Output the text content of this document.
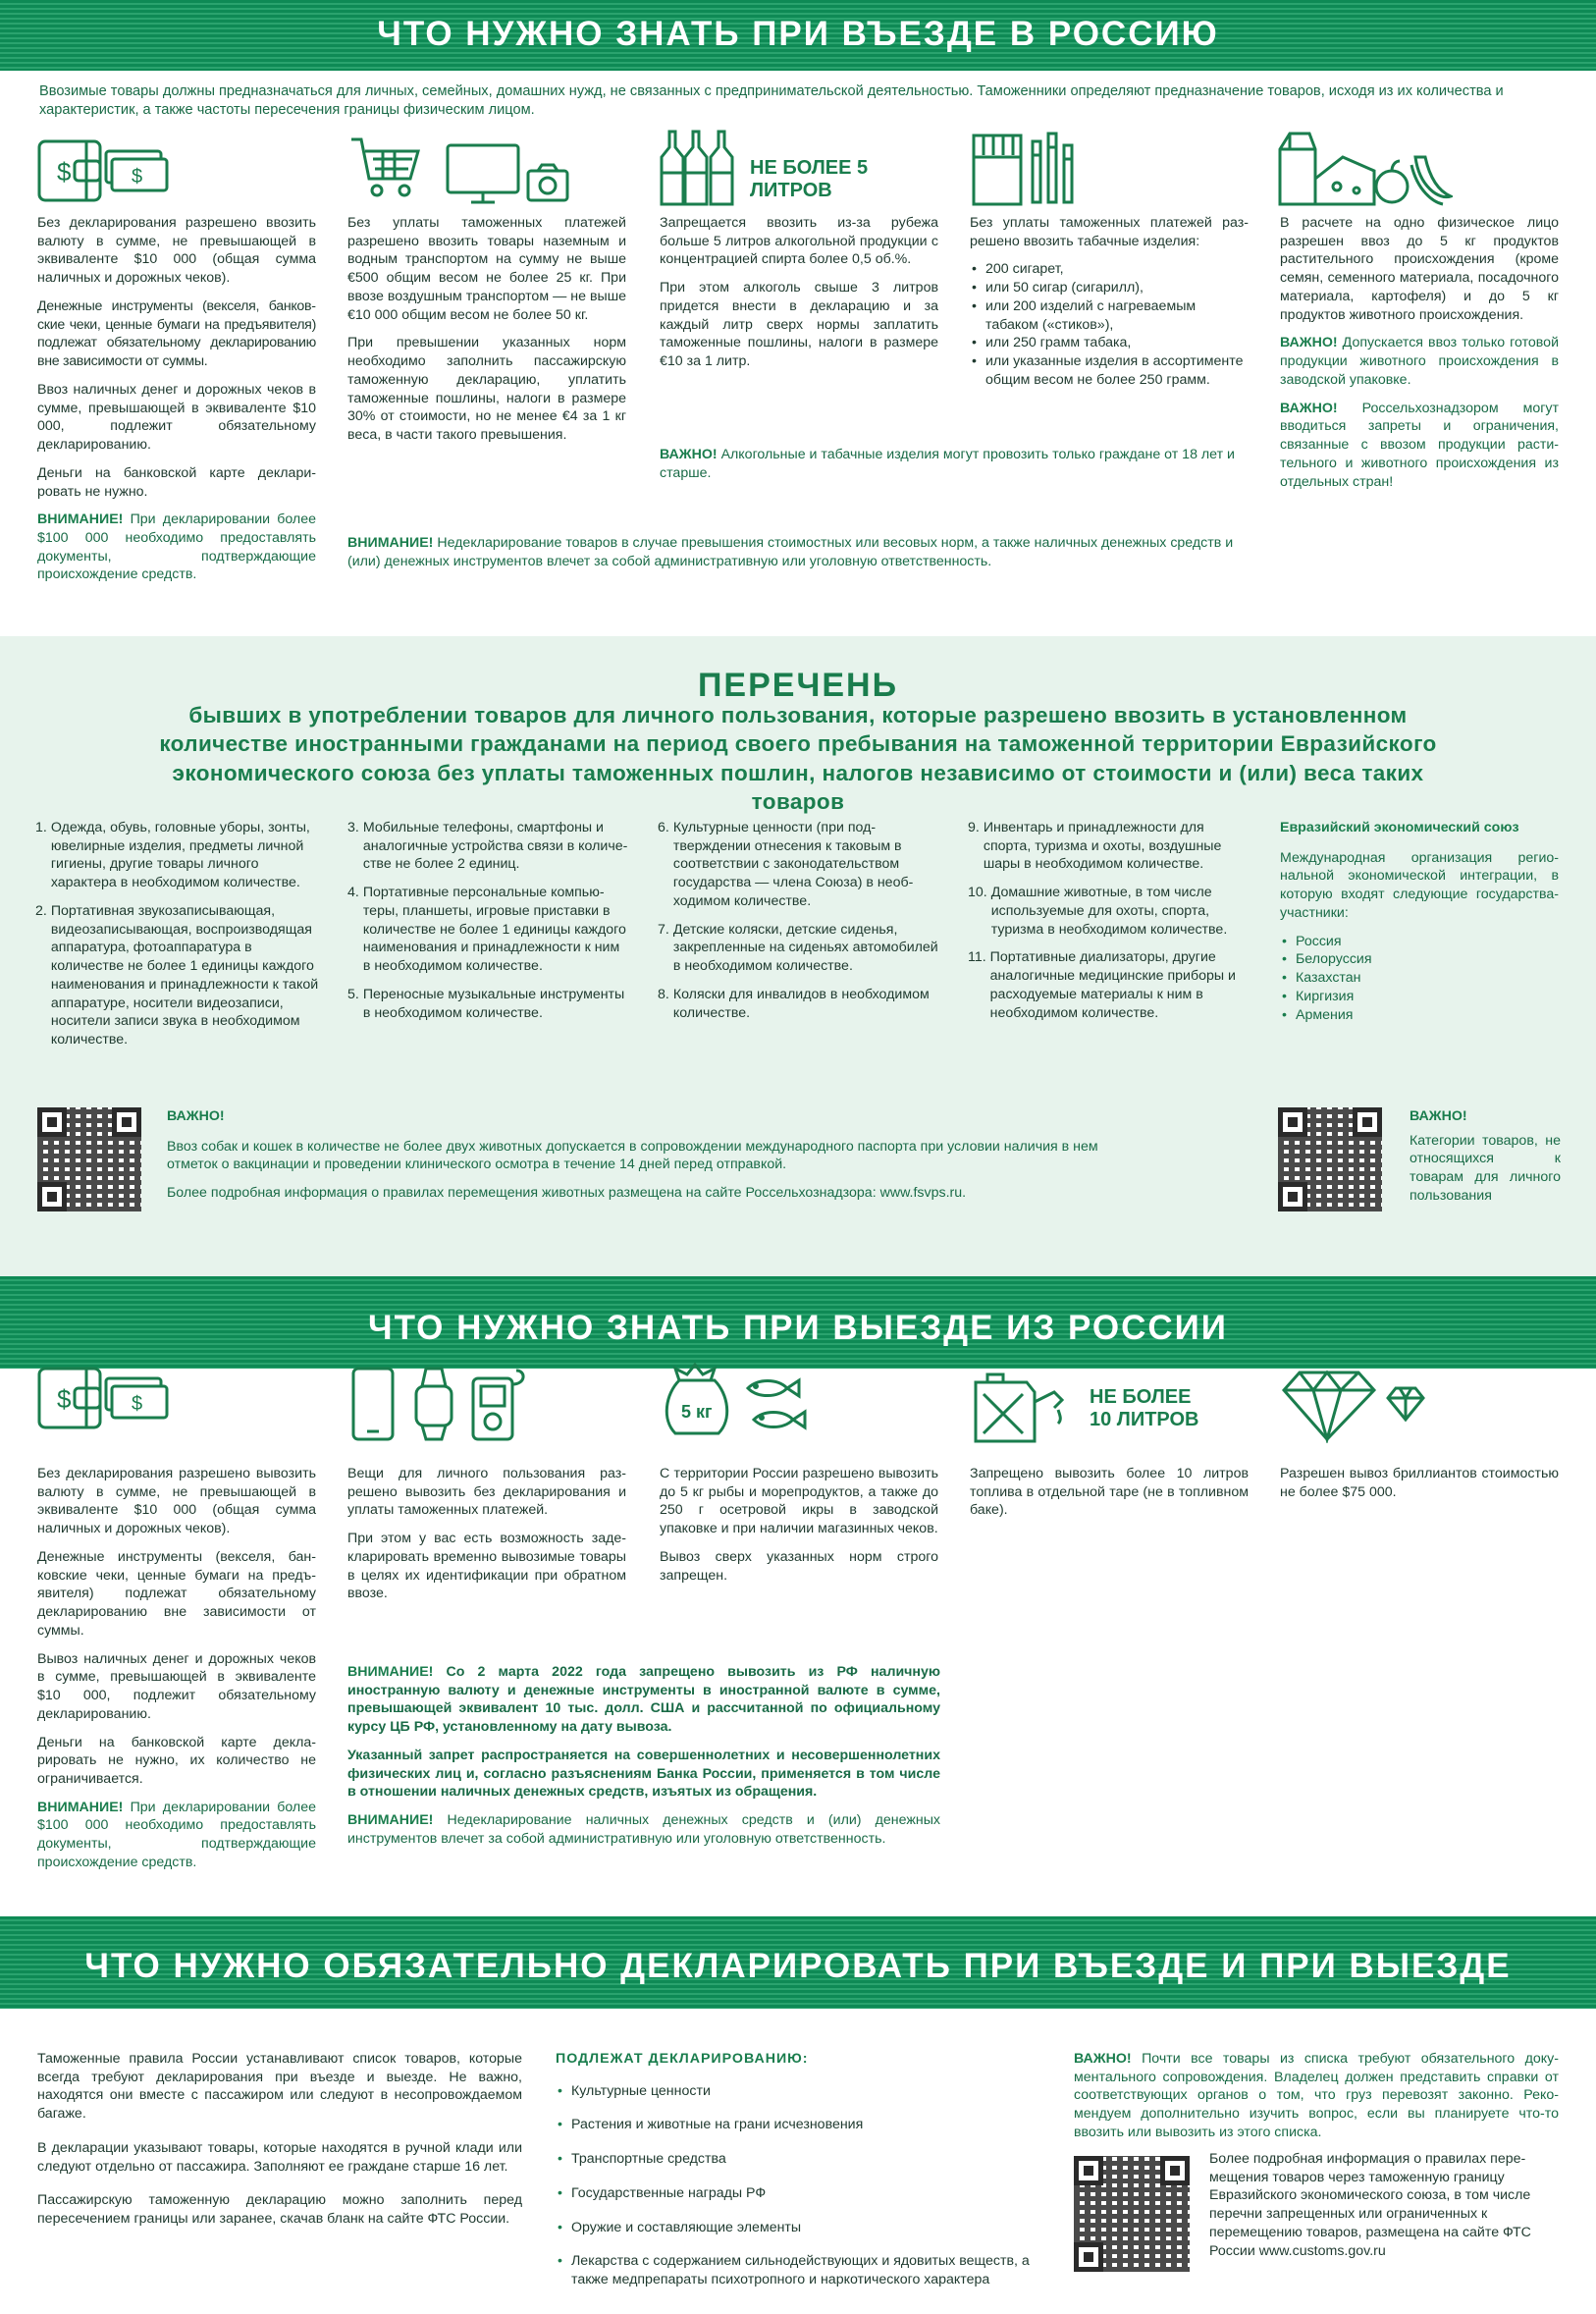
ЧТО НУЖНО ЗНАТЬ ПРИ ВЪЕЗДЕ В РОССИЮ
Ввозимые товары должны предназначаться для личных, семейных, домашних нужд, не связанных с предпринимательской деятельностью. Таможенники определяют предназначение товаров, исходя из их количества и характеристик, а также частоты пересечения границы физическим лицом.
$	$	НЕ БОЛЕЕ 5 ЛИТРОВ

Без декларирования разрешено ввозить валюту в сумме, не превышающей в эквиваленте $10 000 (общая сумма наличных и дорожных чеков).

Денежные инструменты (векселя, банковские чеки, ценные бумаги на предъявителя) подлежат обязательному декларированию вне зависимости от суммы.

Ввоз наличных денег и дорожных чеков в сумме, превышающей в эквиваленте $10 000, подлежит обязательному декларированию.

Деньги на банковской карте декларировать не нужно.

ВНИМАНИЕ! При декларировании более $100 000 необходимо предоставлять документы, подтверждающие происхождение средств.

Без уплаты таможенных платежей разрешено ввозить товары наземным и водным транспортом на сумму не выше €500 общим весом не более 25 кг. При ввозе воздушным транспортом — не выше €10 000 общим весом не более 50 кг.

При превышении указанных норм необходимо заполнить пассажирскую таможенную декларацию, уплатить таможенные пошлины, налоги в размере 30% от стоимости, но не менее €4 за 1 кг веса, в части такого превышения.

Запрещается ввозить из-за рубежа больше 5 литров алкогольной продукции с концентрацией спирта более 0,5 об.%.

При этом алкоголь свыше 3 литров придется внести в декларацию и за каждый литр сверх нормы заплатить таможенные пошлины, налоги в размере €10 за 1 литр.

Без уплаты таможенных платежей разрешено ввозить табачные изделия:

• 200 сигарет,
• или 50 сигар (сигарилл),
• или 200 изделий с нагреваемым табаком («стиков»),
• или 250 грамм табака,
• или указанные изделия в ассортименте общим весом не более 250 грамм.
ВАЖНО! Алкогольные и табачные изделия могут провозить только граждане от 18 лет и старше.

В расчете на одно физическое лицо разрешен ввоз до 5 кг продуктов растительного происхождения (кроме семян, семенного материала, посадочного материала, картофеля) и до 5 кг продуктов животного происхождения.

ВАЖНО! Допускается ввоз только готовой продукции животного происхождения в заводской упаковке.

ВАЖНО! Россельхознадзором могут вводиться запреты и ограничения, связанные с ввозом продукции растительного и животного происхождения из отдельных стран!

ВНИМАНИЕ! Недекларирование товаров в случае превышения стоимостных или весовых норм, а также наличных денежных средств и (или) денежных инструментов влечет за собой административную или уголовную ответственность.
ПЕРЕЧЕНЬ
бывших в употреблении товаров для личного пользования, которые разрешено ввозить в установленном количестве иностранными гражданами на период своего пребывания на таможенной территории Евразийского экономического союза без уплаты таможенных пошлин, налогов независимо от стоимости и (или) веса таких товаров
1. Одежда, обувь, головные уборы, зонты, ювелирные изделия, предметы личной гигиены, другие товары личного характера в необходимом количестве.
2. Портативная звукозаписывающая, видеозаписывающая, воспроизводящая аппаратура, фотоаппаратура в количестве не более 1 единицы каждого наименования и принадлежности к такой аппаратуре, носители видеозаписи, носители записи звука в необходимом количестве.
3. Мобильные телефоны, смартфоны и аналогичные устройства связи в количестве не более 2 единиц.
4. Портативные персональные компьютеры, планшеты, игровые приставки в количестве не более 1 единицы каждого наименования и принадлежности к ним в необходимом количестве.
5. Переносные музыкальные инструменты в необходимом количестве.
6. Культурные ценности (при подтверждении отнесения к таковым в соответствии с законодательством государства — члена Союза) в необходимом количестве.
7. Детские коляски, детские сиденья, закрепленные на сиденьях автомобилей в необходимом количестве.
8. Коляски для инвалидов в необходимом количестве.
9. Инвентарь и принадлежности для спорта, туризма и охоты, воздушные шары в необходимом количестве.
10. Домашние животные, в том числе используемые для охоты, спорта, туризма в необходимом количестве.
11. Портативные диализаторы, другие аналогичные медицинские приборы и расходуемые материалы к ним в необходимом количестве.

Евразийский экономический союз

Международная организация региональной экономической интеграции, в которую входят следующие государства-участники:

• Россия
• Белоруссия
• Казахстан
• Киргизия
• Армения

ВАЖНО!

Ввоз собак и кошек в количестве не более двух животных допускается в сопровождении международного паспорта при условии наличия в нем отметок о вакцинации и проведении клинического осмотра в течение 14 дней перед отправкой.

Более подробная информация о правилах перемещения животных размещена на сайте Россельхознадзора: www.fsvps.ru.

ВАЖНО!

Категории товаров, не относящихся к товарам для личного пользования

ЧТО НУЖНО ЗНАТЬ ПРИ ВЫЕЗДЕ ИЗ РОССИИ
$	$	5 кг
НЕ БОЛЕЕ 10 ЛИТРОВ

Без декларирования разрешено вывозить валюту в сумме, не превышающей в эквиваленте $10 000 (общая сумма наличных и дорожных чеков).

Денежные инструменты (векселя, банковские чеки, ценные бумаги на предъявителя) подлежат обязательному декларированию вне зависимости от суммы.

Вывоз наличных денег и дорожных чеков в сумме, превышающей в эквиваленте $10 000, подлежит обязательному декларированию.

Деньги на банковской карте декларировать не нужно, их количество не ограничивается.

ВНИМАНИЕ! При декларировании более $100 000 необходимо предоставлять документы, подтверждающие происхождение средств.

Вещи для личного пользования разрешено вывозить без декларирования и уплаты таможенных платежей.

При этом у вас есть возможность задекларировать временно вывозимые товары в целях их идентификации при обратном ввозе.

С территории России разрешено вывозить до 5 кг рыбы и морепродуктов, а также до 250 г осетровой икры в заводской упаковке и при наличии магазинных чеков.

Вывоз сверх указанных норм строго запрещен.

Запрещено вывозить более 10 литров топлива в отдельной таре (не в топливном баке).

Разрешен вывоз бриллиантов стоимостью не более $75 000.

ВНИМАНИЕ! Со 2 марта 2022 года запрещено вывозить из РФ наличную иностранную валюту и денежные инструменты в иностранной валюте в сумме, превышающей эквивалент 10 тыс. долл. США и рассчитанной по официальному курсу ЦБ РФ, установленному на дату вывоза.

Указанный запрет распространяется на совершеннолетних и несовершеннолетних физических лиц и, согласно разъяснениям Банка России, применяется в том числе в отношении наличных денежных средств, изъятых из обращения.

ВНИМАНИЕ! Недекларирование наличных денежных средств и (или) денежных инструментов влечет за собой административную или уголовную ответственность.

ЧТО НУЖНО ОБЯЗАТЕЛЬНО ДЕКЛАРИРОВАТЬ ПРИ ВЪЕЗДЕ И ПРИ ВЫЕЗДЕ

Таможенные правила России устанавливают список товаров, которые всегда требуют декларирования при въезде и выезде. Не важно, находятся они вместе с пассажиром или следуют в несопровождаемом багаже.

В декларации указывают товары, которые находятся в ручной клади или следуют отдельно от пассажира. Заполняют ее граждане старше 16 лет.

Пассажирскую таможенную декларацию можно заполнить перед пересечением границы или заранее, скачав бланк на сайте ФТС России.

ПОДЛЕЖАТ ДЕКЛАРИРОВАНИЮ:

• Культурные ценности
• Растения и животные на грани исчезновения
• Транспортные средства
• Государственные награды РФ
• Оружие и составляющие элементы
• Лекарства с содержанием сильнодействующих и ядовитых веществ, а также медпрепараты психотропного и наркотического характера

ВАЖНО! Почти все товары из списка требуют обязательного документального сопровождения. Владелец должен представить справки от соответствующих органов о том, что груз перевозят законно. Рекомендуем дополнительно изучить вопрос, если вы планируете что-то ввозить или вывозить из этого списка.

Более подробная информация о правилах перемещения товаров через таможенную границу Евразийского экономического союза, в том числе перечни запрещенных или ограниченных к перемещению товаров, размещена на сайте ФТС России www.customs.gov.ru
